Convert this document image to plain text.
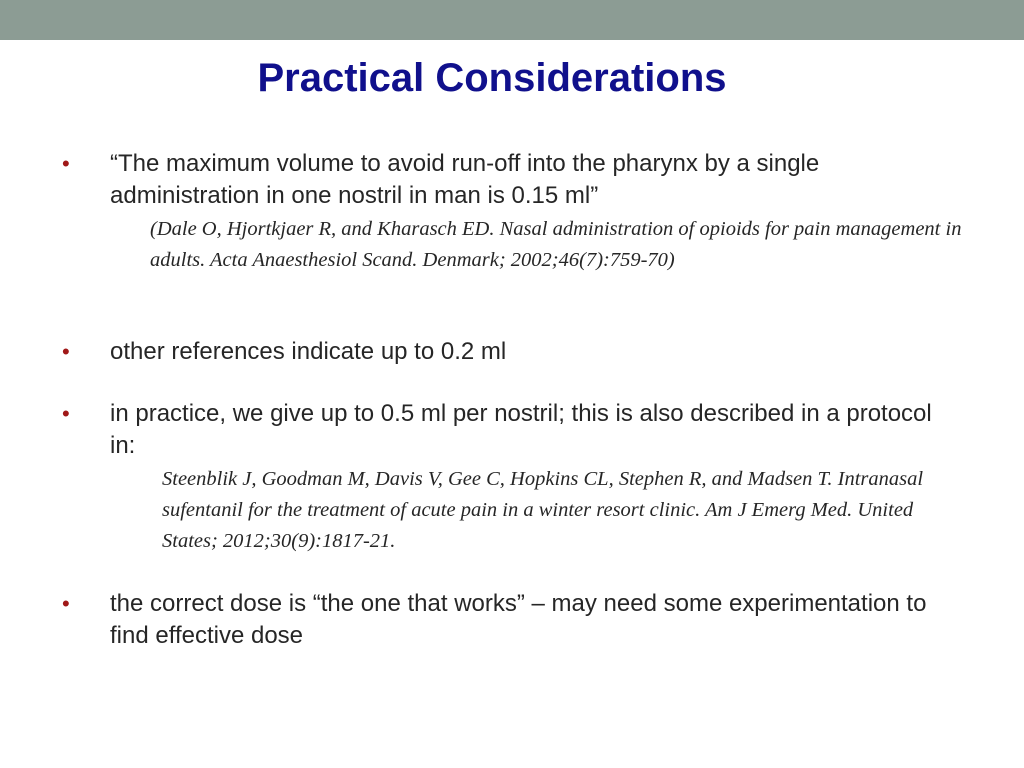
Practical Considerations
•	“The maximum volume to avoid run-off into the pharynx by a single administration in one nostril in man is 0.15 ml”
(Dale O, Hjortkjaer R, and Kharasch ED. Nasal administration of opioids for pain management in adults. Acta Anaesthesiol Scand. Denmark; 2002;46(7):759-70)
•	other references indicate up to 0.2 ml
•	in practice, we give up to 0.5 ml per nostril; this is also described in a protocol in:
Steenblik J, Goodman M, Davis V, Gee C, Hopkins CL, Stephen R, and Madsen T. Intranasal sufentanil for the treatment of acute pain in a winter resort clinic. Am J Emerg Med. United States; 2012;30(9):1817-21.
•	the correct dose is “the one that works” – may need some experimentation to find effective dose
